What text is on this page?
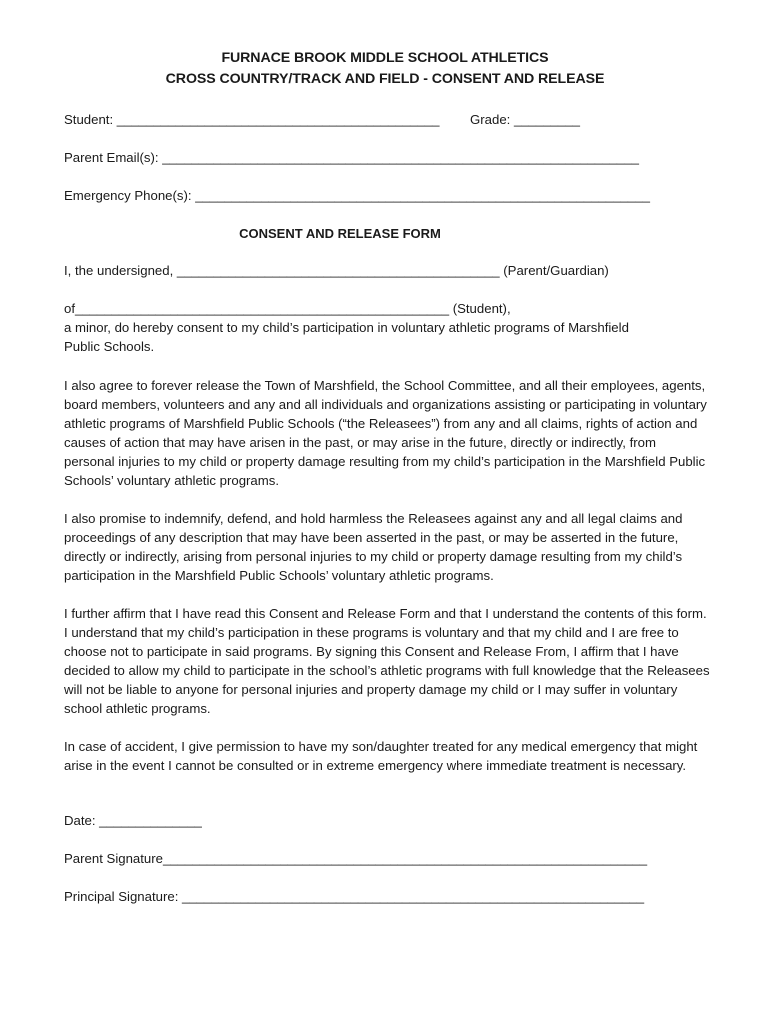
FURNACE BROOK MIDDLE SCHOOL ATHLETICS
CROSS COUNTRY/TRACK AND FIELD - CONSENT AND RELEASE
Student: ____________________________________________ Grade: _________
Parent Email(s): _________________________________________________________________
Emergency Phone(s): ______________________________________________________________
CONSENT AND RELEASE FORM
I, the undersigned, ____________________________________________ (Parent/Guardian)
of___________________________________________________ (Student),
a minor, do hereby consent to my child’s participation in voluntary athletic programs of Marshfield
Public Schools.
I also agree to forever release the Town of Marshfield, the School Committee, and all their employees, agents, board members, volunteers and any and all individuals and organizations assisting or participating in voluntary athletic programs of Marshfield Public Schools (“the Releasees”) from any and all claims, rights of action and causes of action that may have arisen in the past, or may arise in the future, directly or indirectly, from personal injuries to my child or property damage resulting from my child’s participation in the Marshfield Public Schools’ voluntary athletic programs.
I also promise to indemnify, defend, and hold harmless the Releasees against any and all legal claims and proceedings of any description that may have been asserted in the past, or may be asserted in the future, directly or indirectly, arising from personal injuries to my child or property damage resulting from my child’s participation in the Marshfield Public Schools’ voluntary athletic programs.
I further affirm that I have read this Consent and Release Form and that I understand the contents of this form. I understand that my child’s participation in these programs is voluntary and that my child and I are free to choose not to participate in said programs. By signing this Consent and Release From, I affirm that I have decided to allow my child to participate in the school’s athletic programs with full knowledge that the Releasees will not be liable to anyone for personal injuries and property damage my child or I may suffer in voluntary school athletic programs.
In case of accident, I give permission to have my son/daughter treated for any medical emergency that might arise in the event I cannot be consulted or in extreme emergency where immediate treatment is necessary.
Date: ______________
Parent Signature__________________________________________________________________
Principal Signature: _______________________________________________________________
